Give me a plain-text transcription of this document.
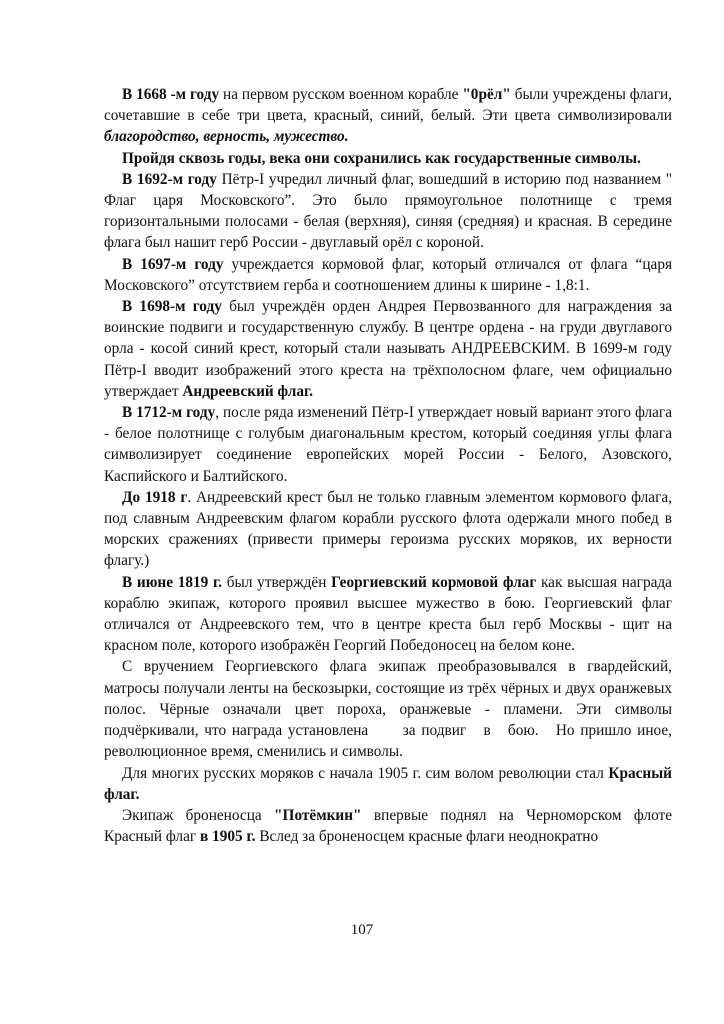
В 1668 -м году на первом русском военном корабле "0рёл" были учреждены флаги, сочетавшие в себе три цвета, красный, синий, белый. Эти цвета символизировали благородство, верность, мужество.

Пройдя сквозь годы, века они сохранились как государственные символы.

В 1692-м году Пётр-I учредил личный флаг, вошедший в историю под названием " Флаг царя Московского”. Это было прямоугольное полотнище с тремя горизонтальными полосами - белая (верхняя), синяя (средняя) и красная. В середине флага был нашит герб России - двуглавый орёл с короной.

В 1697-м году учреждается кормовой флаг, который отличался от флага “царя Московского” отсутствием герба и соотношением длины к ширине - 1,8:1.

В 1698-м году был учреждён орден Андрея Первозванного для награждения за воинские подвиги и государственную службу. В центре ордена - на груди двуглавого орла - косой синий крест, который стали называть АНДРЕЕВСКИМ. В 1699-м году Пётр-I вводит изображений этого креста на трёхполосном флаге, чем официально утверждает Андреевский флаг.

В 1712-м году, после ряда изменений Пётр-I утверждает новый вариант этого флага - белое полотнище с голубым диагональным крестом, который соединяя углы флага символизирует соединение европейских морей России - Белого, Азовского, Каспийского и Балтийского.

До 1918 г. Андреевский крест был не только главным элементом кормового флага, под славным Андреевским флагом корабли русского флота одержали много побед в морских сражениях (привести примеры героизма русских моряков, их верности флагу.)

В июне 1819 г. был утверждён Георгиевский кормовой флаг как высшая награда кораблю экипаж, которого проявил высшее мужество в бою. Георгиевский флаг отличался от Андреевского тем, что в центре креста был герб Москвы - щит на красном поле, которого изображён Георгий Победоносец на белом коне.

С вручением Георгиевского флага экипаж преобразовывался в гвардейский, матросы получали ленты на бескозырки, состоящие из трёх чёрных и двух оранжевых полос. Чёрные означали цвет пороха, оранжевые - пламени. Эти символы подчёркивали, что награда установлена      за подвиг   в   бою.   Но пришло иное, революционное время, сменились и символы.

Для многих русских моряков с начала 1905 г. сим волом революции стал Красный флаг.

Экипаж броненосца "Потёмкин" впервые поднял на Черноморском флоте Красный флаг в 1905 г. Вслед за броненосцем красные флаги неоднократно

107
